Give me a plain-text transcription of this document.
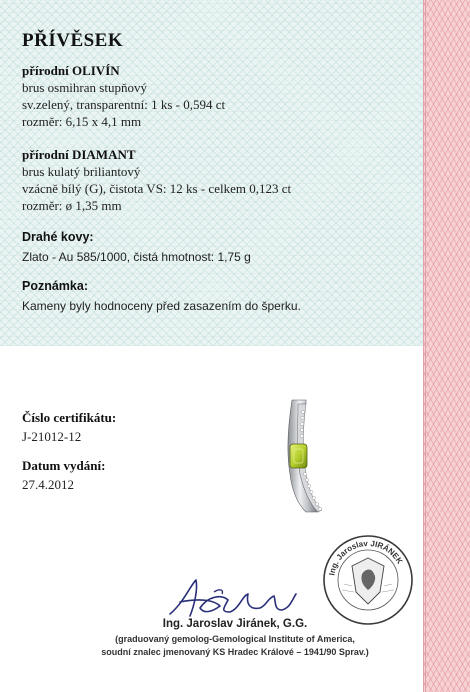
PŘÍVĚSEK
přírodní OLIVÍN
brus osmihran stupňový
sv.zelený, transparentní: 1 ks - 0,594 ct
rozměr: 6,15 x 4,1 mm
přírodní DIAMANT
brus kulatý briliantový
vzácně bílý (G), čistota VS: 12 ks - celkem 0,123 ct
rozměr: ø 1,35 mm
Drahé kovy:
Zlato - Au 585/1000, čistá hmotnost: 1,75 g
Poznámka:
Kameny byly hodnoceny před zasazením do šperku.
Číslo certifikátu:
J-21012-12
Datum vydání:
27.4.2012
Ing. Jaroslav JIRÁNEK
Ing. Jaroslav Jiránek, G.G.
(graduovaný gemolog-Gemological Institute of America,
soudní znalec jmenovaný KS Hradec Králové – 1941/90 Sprav.)
